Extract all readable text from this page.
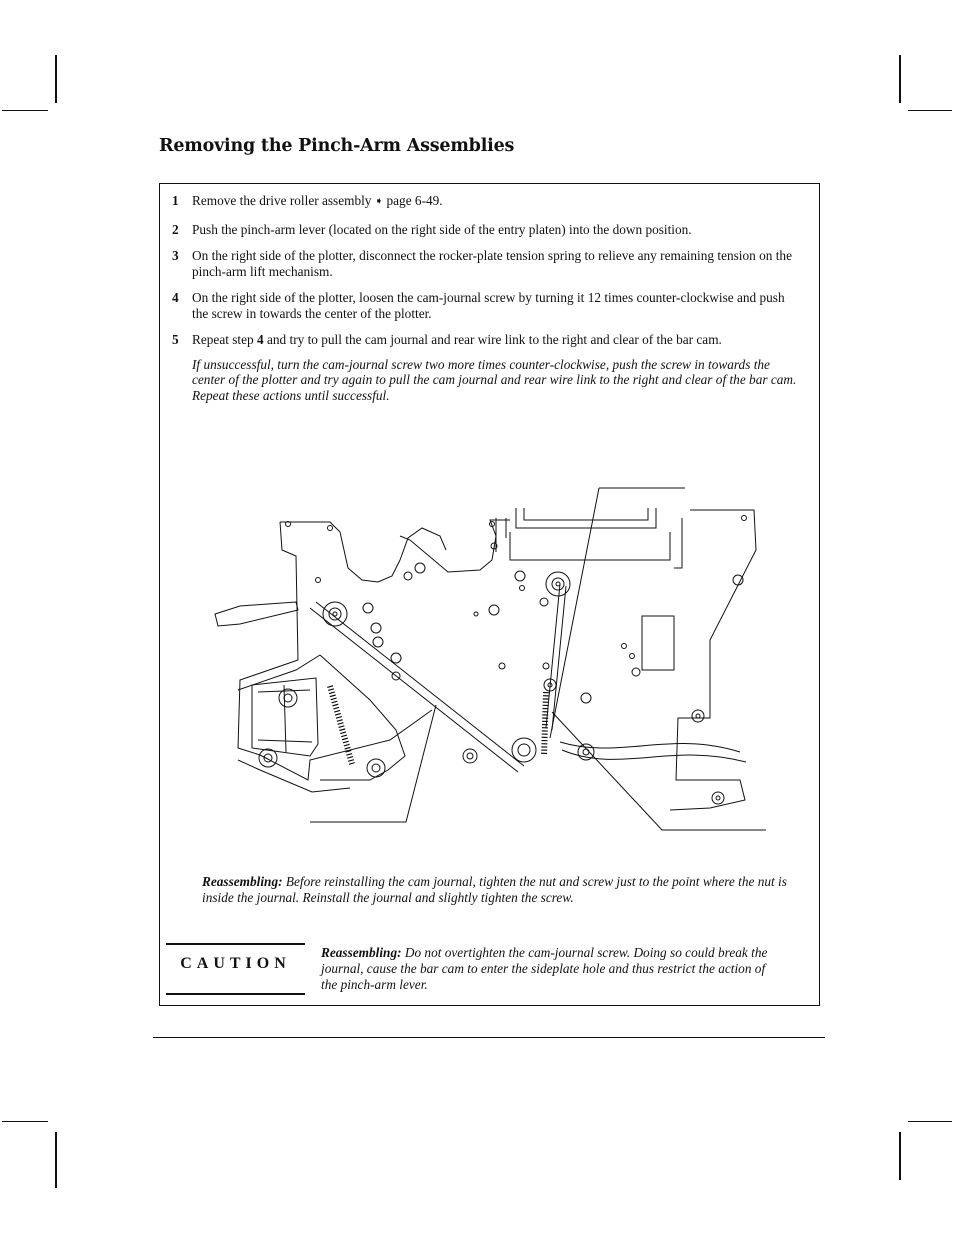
Removing the Pinch-Arm Assemblies
1 Remove the drive roller assembly ➧ page 6-49.
2 Push the pinch-arm lever (located on the right side of the entry platen) into the down position.
3 On the right side of the plotter, disconnect the rocker-plate tension spring to relieve any remaining tension on the pinch-arm lift mechanism.
4 On the right side of the plotter, loosen the cam-journal screw by turning it 12 times counter-clockwise and push the screw in towards the center of the plotter.
5 Repeat step 4 and try to pull the cam journal and rear wire link to the right and clear of the bar cam.
If unsuccessful, turn the cam-journal screw two more times counter-clockwise, push the screw in towards the center of the plotter and try again to pull the cam journal and rear wire link to the right and clear of the bar cam. Repeat these actions until successful.
Reassembling: Before reinstalling the cam journal, tighten the nut and screw just to the point where the nut is inside the journal. Reinstall the journal and slightly tighten the screw.
CAUTION
Reassembling: Do not overtighten the cam-journal screw. Doing so could break the journal, cause the bar cam to enter the sideplate hole and thus restrict the action of the pinch-arm lever.
